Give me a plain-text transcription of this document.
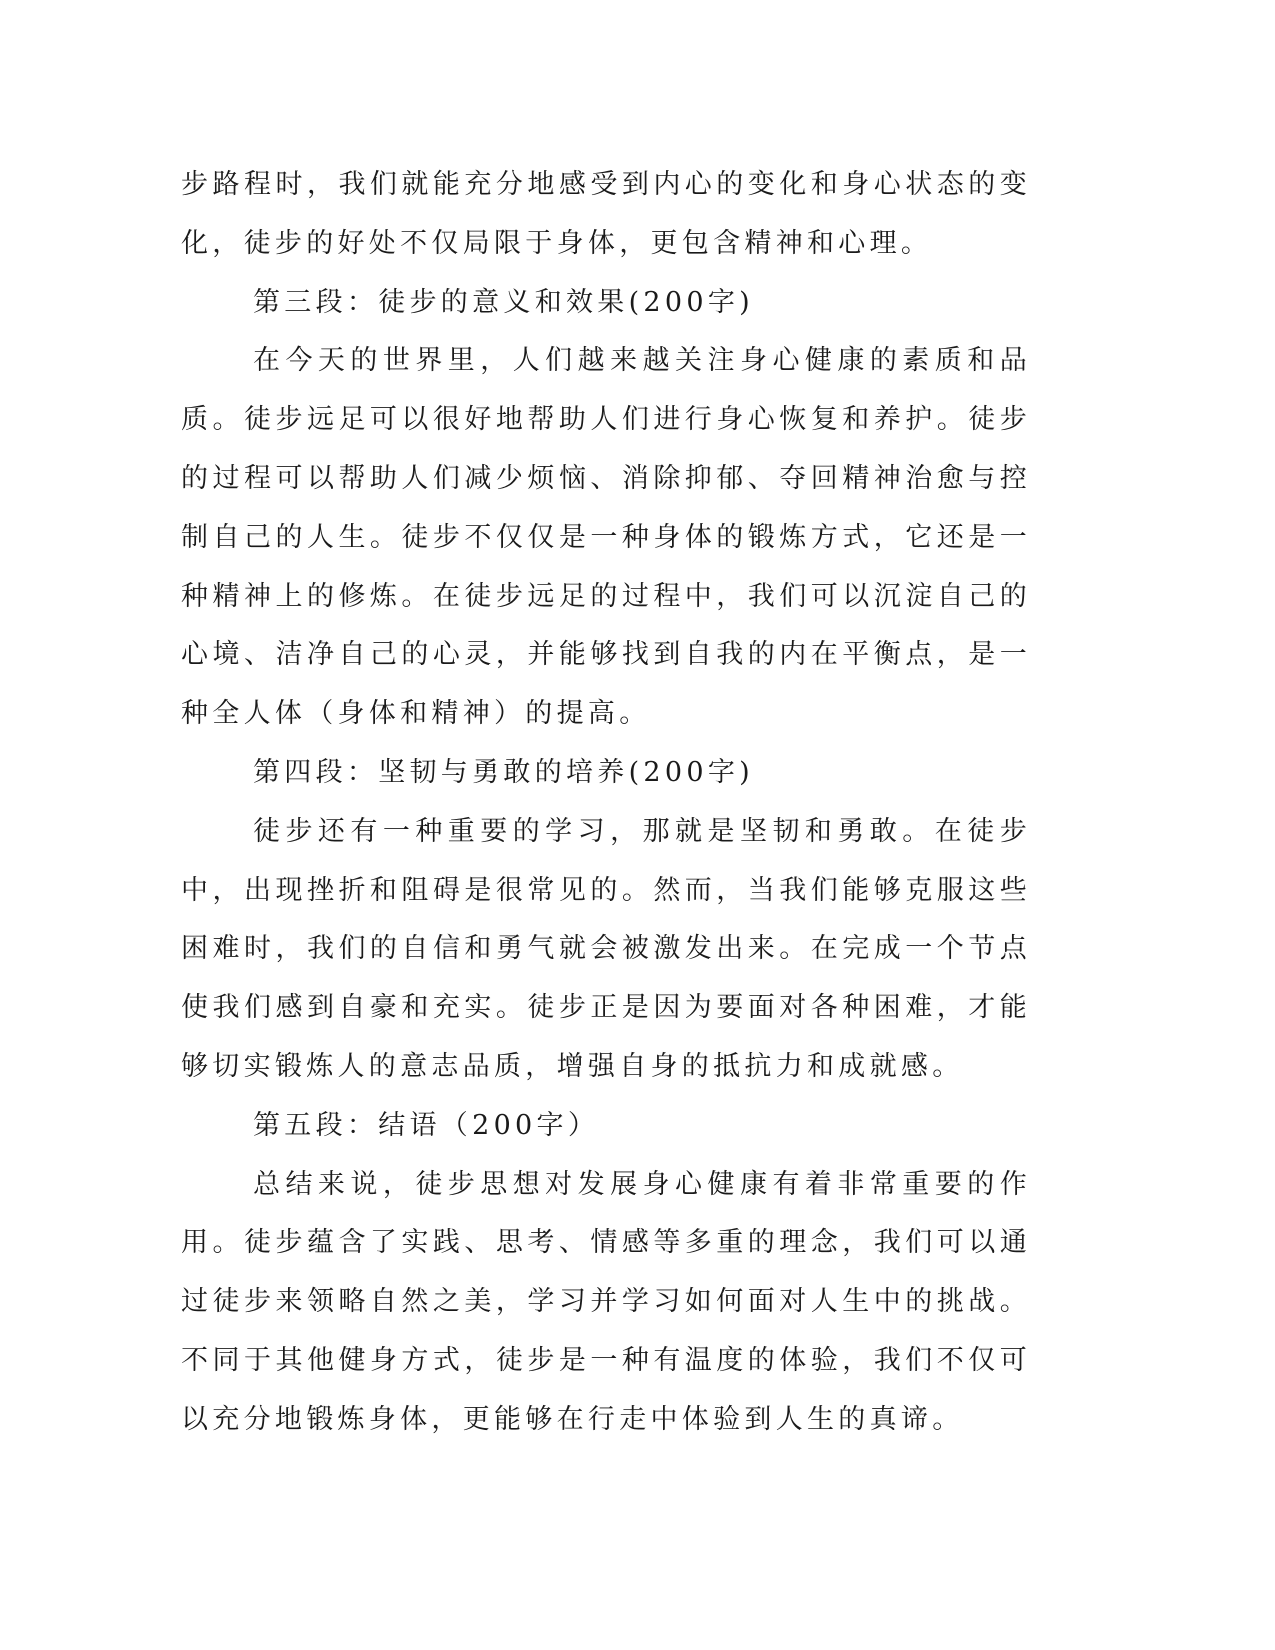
步路程时，我们就能充分地感受到内心的变化和身心状态的变化，徒步的好处不仅局限于身体，更包含精神和心理。

第三段：徒步的意义和效果(200字)

在今天的世界里，人们越来越关注身心健康的素质和品质。徒步远足可以很好地帮助人们进行身心恢复和养护。徒步的过程可以帮助人们减少烦恼、消除抑郁、夺回精神治愈与控制自己的人生。徒步不仅仅是一种身体的锻炼方式，它还是一种精神上的修炼。在徒步远足的过程中，我们可以沉淀自己的心境、洁净自己的心灵，并能够找到自我的内在平衡点，是一种全人体（身体和精神）的提高。

第四段：坚韧与勇敢的培养(200字)

徒步还有一种重要的学习，那就是坚韧和勇敢。在徒步中，出现挫折和阻碍是很常见的。然而，当我们能够克服这些困难时，我们的自信和勇气就会被激发出来。在完成一个节点使我们感到自豪和充实。徒步正是因为要面对各种困难，才能够切实锻炼人的意志品质，增强自身的抵抗力和成就感。

第五段：结语（200字）

总结来说，徒步思想对发展身心健康有着非常重要的作用。徒步蕴含了实践、思考、情感等多重的理念，我们可以通过徒步来领略自然之美，学习并学习如何面对人生中的挑战。不同于其他健身方式，徒步是一种有温度的体验，我们不仅可以充分地锻炼身体，更能够在行走中体验到人生的真谛。
